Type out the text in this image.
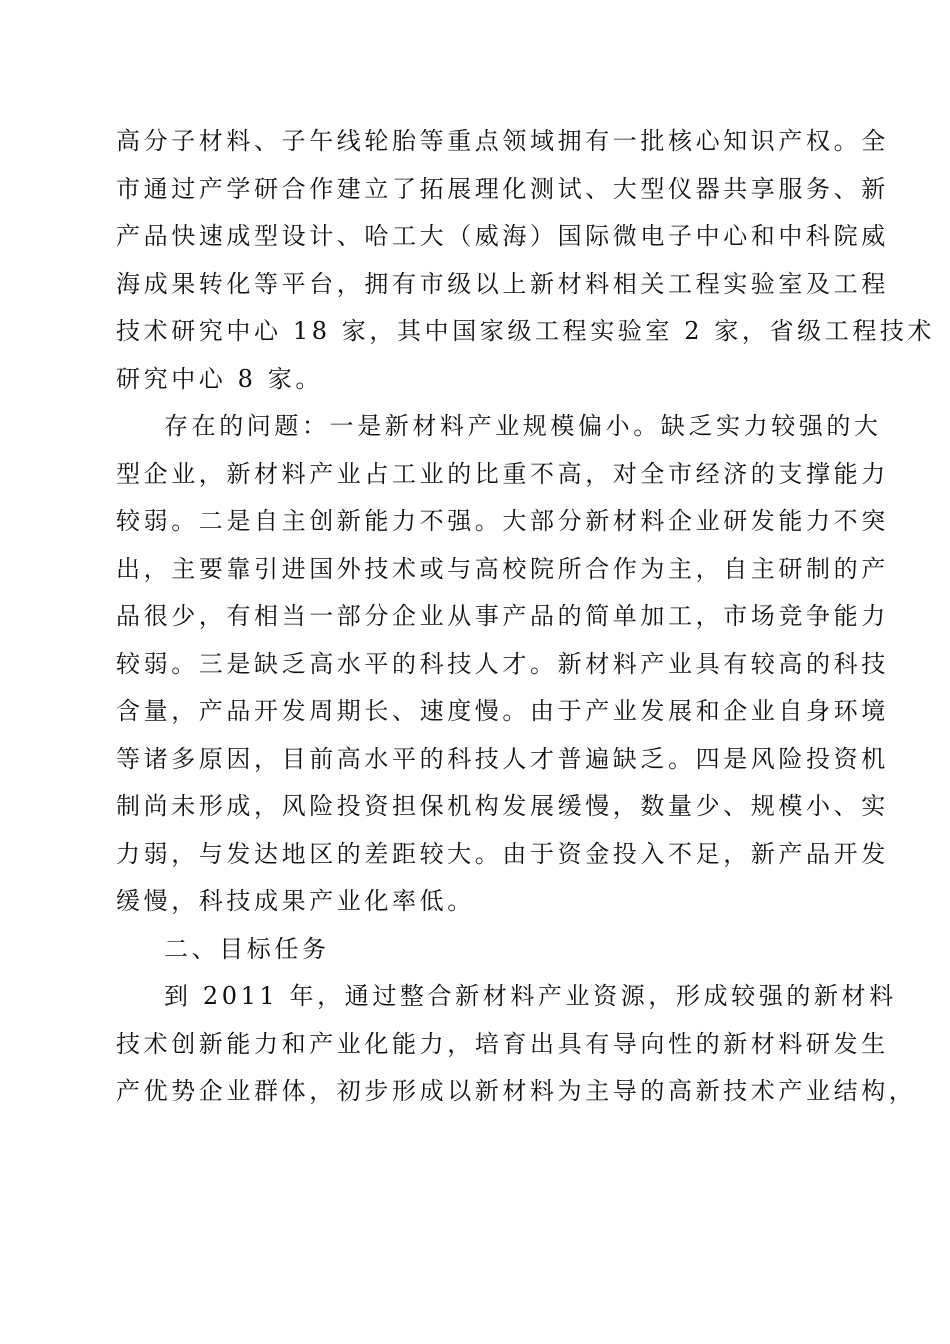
高分子材料、子午线轮胎等重点领域拥有一批核心知识产权。全
市通过产学研合作建立了拓展理化测试、大型仪器共享服务、新
产品快速成型设计、哈工大（威海）国际微电子中心和中科院威
海成果转化等平台，拥有市级以上新材料相关工程实验室及工程
技术研究中心 18 家，其中国家级工程实验室 2 家，省级工程技术
研究中心 8 家。
存在的问题：一是新材料产业规模偏小。缺乏实力较强的大
型企业，新材料产业占工业的比重不高，对全市经济的支撑能力
较弱。二是自主创新能力不强。大部分新材料企业研发能力不突
出，主要靠引进国外技术或与高校院所合作为主，自主研制的产
品很少，有相当一部分企业从事产品的简单加工，市场竞争能力
较弱。三是缺乏高水平的科技人才。新材料产业具有较高的科技
含量，产品开发周期长、速度慢。由于产业发展和企业自身环境
等诸多原因，目前高水平的科技人才普遍缺乏。四是风险投资机
制尚未形成，风险投资担保机构发展缓慢，数量少、规模小、实
力弱，与发达地区的差距较大。由于资金投入不足，新产品开发
缓慢，科技成果产业化率低。
二、目标任务
到 2011 年，通过整合新材料产业资源，形成较强的新材料
技术创新能力和产业化能力，培育出具有导向性的新材料研发生
产优势企业群体，初步形成以新材料为主导的高新技术产业结构，
